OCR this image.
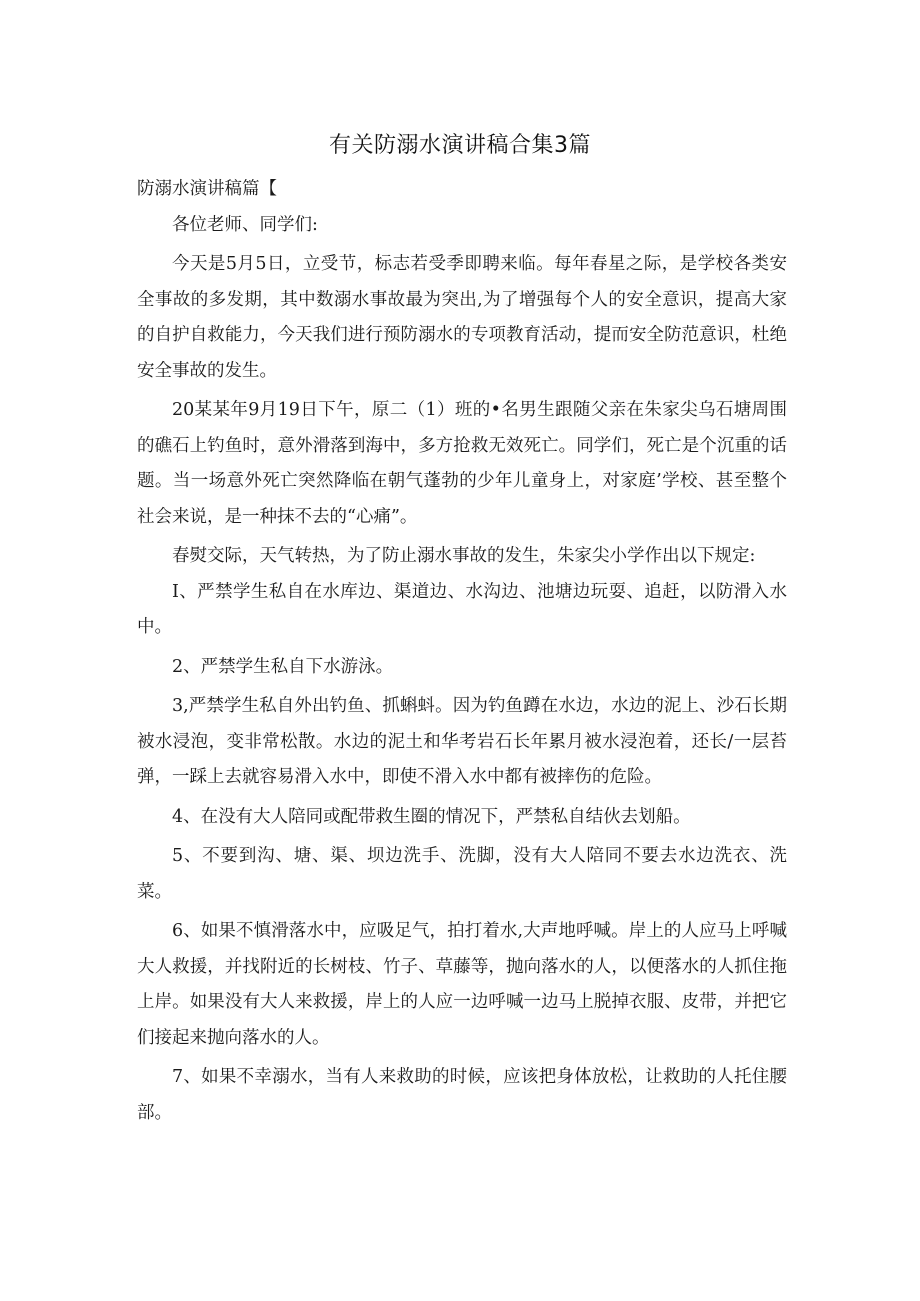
有关防溺水演讲稿合集3篇

防溺水演讲稿篇【

各位老师、同学们:

今天是5月5日，立受节，标志若受季即聘来临。每年春星之际，是学校各类安全事故的多发期，其中数溺水事故最为突出,为了增强每个人的安全意识，提高大家的自护自救能力，今天我们进行预防溺水的专项教育活动，提而安全防范意识，杜绝安全事故的发生。

20某某年9月19日下午，原二（1）班的•名男生跟随父亲在朱家尖乌石塘周围的礁石上钓鱼时，意外滑落到海中，多方抢救无效死亡。同学们，死亡是个沉重的话题。当一场意外死亡突然降临在朝气蓬勃的少年儿童身上，对家庭’学校、甚至整个社会来说，是一种抹不去的“心痛”。

春熨交际，天气转热，为了防止溺水事故的发生，朱家尖小学作出以下规定:

I、严禁学生私自在水库边、渠道边、水沟边、池塘边玩耍、追赶，以防滑入水中。

2、严禁学生私自下水游泳。

3,严禁学生私自外出钓鱼、抓蝌蚪。因为钓鱼蹲在水边，水边的泥上、沙石长期被水浸泡，变非常松散。水边的泥土和华考岩石长年累月被水浸泡着，还长/一层苔弹，一踩上去就容易滑入水中，即使不滑入水中都有被摔伤的危险。

4、在没有大人陪同或配带救生圈的情况下，严禁私自结伙去划船。

5、不要到沟、塘、渠、坝边洗手、洗脚，没有大人陪同不要去水边洗衣、洗菜。

6、如果不慎滑落水中，应吸足气，拍打着水,大声地呼喊。岸上的人应马上呼喊大人救援，并找附近的长树枝、竹子、草藤等，抛向落水的人，以便落水的人抓住拖上岸。如果没有大人来救援，岸上的人应一边呼喊一边马上脱掉衣服、皮带，并把它们接起来抛向落水的人。

7、如果不幸溺水，当有人来救助的时候，应该把身体放松，让救助的人托住腰部。
